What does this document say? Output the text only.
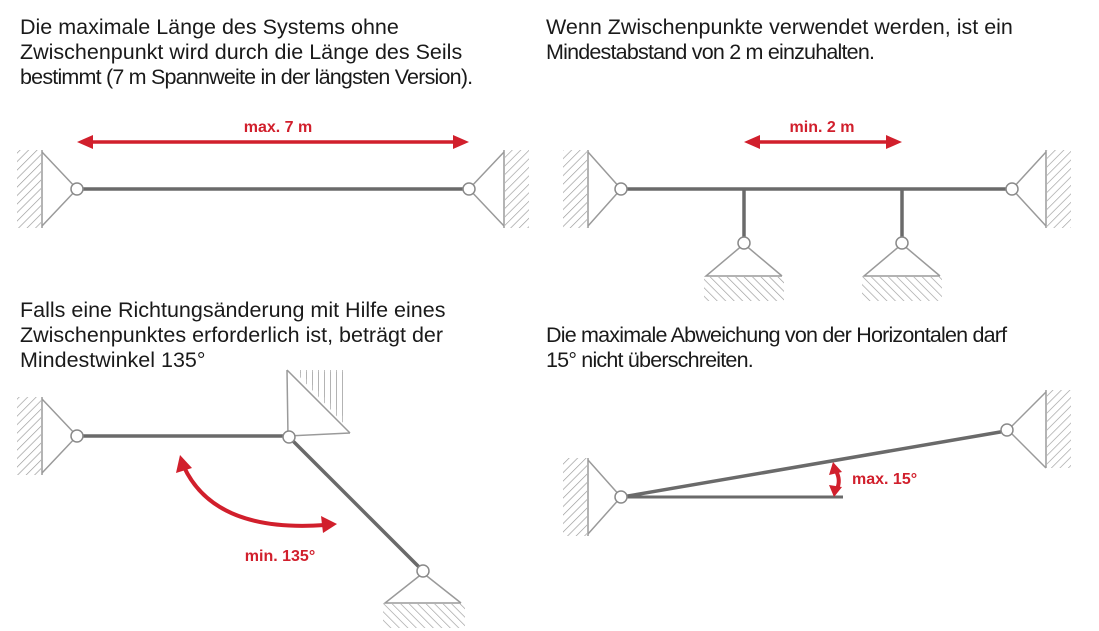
Die maximale Länge des Systems ohne
Zwischenpunkt wird durch die Länge des Seils
bestimmt (7 m Spannweite in der längsten Version).

Wenn Zwischenpunkte verwendet werden, ist ein
Mindestabstand von 2 m einzuhalten.

Falls eine Richtungsänderung mit Hilfe eines
Zwischenpunktes erforderlich ist, beträgt der
Mindestwinkel 135°

Die maximale Abweichung von der Horizontalen darf
15° nicht überschreiten.

max. 7 m	min. 2 m
min. 135°
max. 15°
